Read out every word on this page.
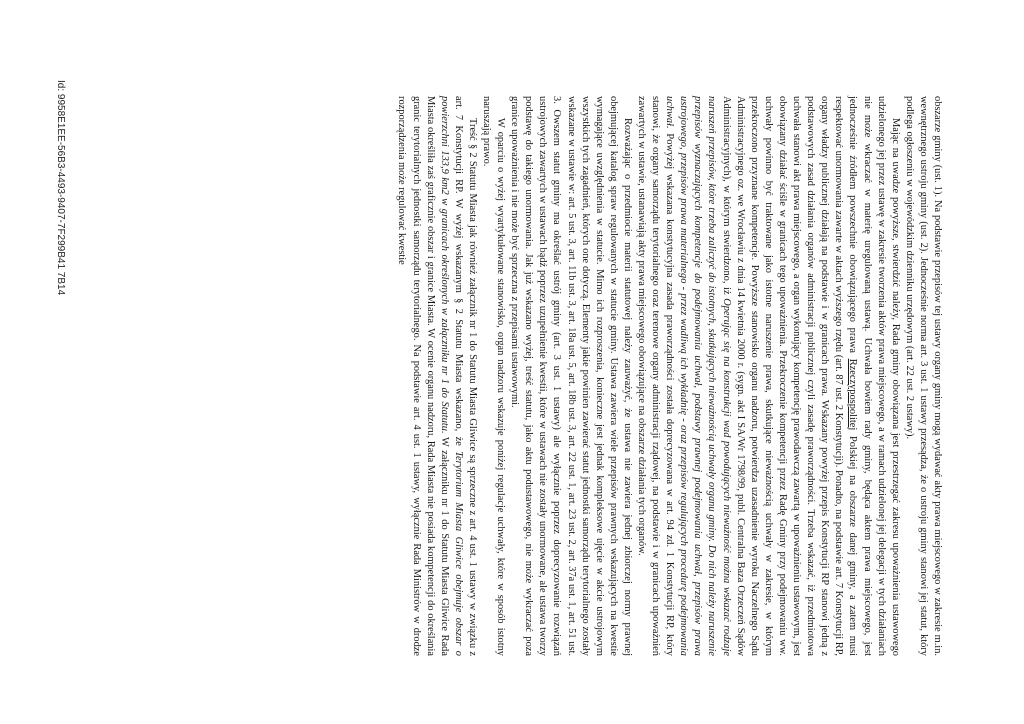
obszarze gminy (ust. 1). Na podstawie przepisów tej ustawy organy gminy mogą wydawać akty prawa miejscowego w zakresie m.in. wewnętrznego ustroju gminy (ust. 2). Jednocześnie norma art. 3 ust. 1 ustawy przesądza, że o ustroju gminy stanowi jej statut, który podlega ogłoszeniu w wojewódzkim dzienniku urzędowym (art. 22 ust. 2 ustawy).

Mając na uwadze powyższe, stwierdzić należy, Rada gminy obowiązana jest przestrzegać zakresu upoważnienia ustawowego udzielonego jej przez ustawę w zakresie tworzenia aktów prawa miejscowego, a w ramach udzielonej jej delegacji w tych działaniach nie może wkraczać w materię uregulowaną ustawą. Uchwała bowiem rady gminy, będąca aktem prawa miejscowego, jest jednocześnie źródłem powszechnie obowiązującego prawa Rzeczypospolitej Polskiej na obszarze danej gminy, a zatem musi respektować unormowania zawarte w aktach wyższego rzędu (art. 87 ust. 2 Konstytucji). Ponadto, na podstawie art. 7 Konstytucji RP, organy władzy publicznej działają na podstawie i w granicach prawa. Wskazany powyżej przepis Konstytucji RP stanowi jedną z podstawowych zasad działania organów administracji publicznej czyli zasadę praworządności. Trzeba wskazać, iż przedmiotowa uchwała stanowi akt prawa miejscowego, a organ wykonujący kompetencję prawodawczą zawartą w upoważnieniu ustawowym, jest obowiązany działać ściśle w granicach tego upoważnienia. Przekroczenie kompetencji przez Radę Gminy przy podejmowaniu ww. uchwały powinno być traktowane jako istotne naruszenie prawa, skutkujące nieważnością uchwały w zakresie, w którym przekroczono przyznane kompetencje. Powyższe stanowisko organu nadzoru, potwierdza uzasadnienie wyroku Naczelnego Sądu Administracyjnego oz. we Wrocławiu z dnia 14 kwietnia 2000 r. (sygn. akt I SA/Wr 1798/99, publ. Centralna Baza Orzeczeń Sądów Administracyjnych), w którym stwierdzono, iż Operując się na konstrukcji wad powodujących nieważność można wskazać rodzaje naruszeń przepisów, które trzeba zaliczyć do istotnych, skutkujących nieważnością uchwały organu gminy. Do nich należy naruszenie przepisów wyznaczających kompetencje do podejmowania uchwał, podstawy prawnej podejmowania uchwał, przepisów prawa ustrojowego, przepisów prawa materialnego - przez wadliwą ich wykładnię - oraz przepisów regulujących procedurę podejmowania uchwał. Powyżej wskazana konstytucyjna zasada praworządności została doprecyzowana w art. 94 zd. 1 Konstytucji RP, który stanowi, że organy samorządu terytorialnego oraz terenowe organy administracji rządowej, na podstawie i w granicach upoważnień zawartych w ustawie, ustanawiają akty prawa miejscowego obowiązujące na obszarze działania tych organów.

Rozważając o przedmiocie materii statutowej należy zauważyć, że ustawa nie zawiera jednej zbiorczej normy prawnej obejmującej katalog spraw regulowanych w statucie gminy. Ustawa zawiera wiele przepisów prawnych wskazujących na kwestie wymagające uwzględnienia w statucie. Mimo ich rozproszenia, konieczne jest jednak kompleksowe ujęcie w akcie ustrojowym wszystkich tych zagadnień, których one dotyczą. Elementy jakie powinien zawierać statut jednostki samorządu terytorialnego zostały wskazane w ustawie w: art. 5 ust. 3, art. 11b ust. 3, art. 18a ust. 5, art. 18b ust. 3, art. 22 ust. 1, art. 23 ust. 2, art. 37a ust. 1, art. 51 ust. 3. Owszem statut gminy ma określać ustrój gminy (art. 3 ust. 1 ustawy) ale wyłącznie poprzez doprecyzowanie rozwiązań ustrojowych zawartych w ustawach bądź poprzez uzupełnienie kwestii, które w ustawach nie zostały unormowane, ale ustawa tworzy podstawę do takiego unormowania. Jak już wskazano wyżej, treść statutu, jako aktu podustawowego, nie może wykraczać poza granice upoważnienia i nie może być sprzeczna z przepisami ustawowymi.

W oparciu o wyżej wyartykułowane stanowisko, organ nadzoru wskazuje poniżej regulacje uchwały, które w sposób istotny naruszają prawo.

Treść § 2 Statutu Miasta jak również załącznik nr 1 do Statutu Miasta Gliwice są sprzeczne z art. 4 ust. 1 ustawy w związku z art. 7 Konstytucji RP. W wyżej wskazanym § 2 Statutu Miasta wskazano, że Terytorium Miasta Gliwice obejmuje obszar o powierzchni 133,9 km2 w granicach określonych w załączniku nr 1 do Statutu. W załączniku nr 1 do Statutu Miasta Gliwice Rada Miasta określiła zaś graficznie obszar i granice Miasta. W ocenie organu nadzoru, Rada Miasta nie posiada kompetencji do określania granic terytorialnych jednostki samorządu terytorialnego. Na podstawie art. 4 ust. 1 ustawy, wyłącznie Rada Ministrów w drodze rozporządzenia może regulować kwestie

Id: 9958E1EE-56B3-4493-9407-7F299B41 7B14
